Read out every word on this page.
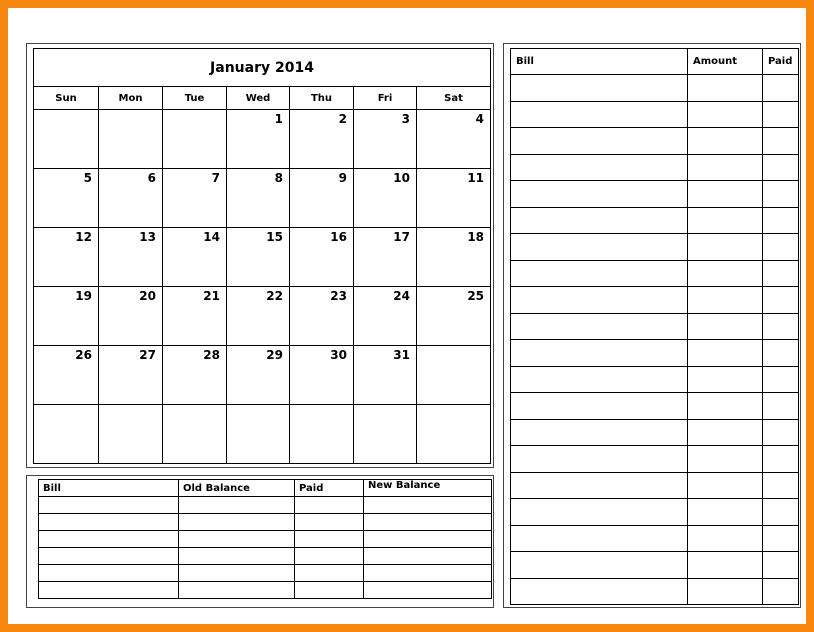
January 2014						
Sun	Mon	Tue	Wed	Thu	Fri	Sat
			1	2	3	4
5	6	7	8	9	10	11
12	13	14	15	16	17	18
19	20	21	22	23	24	25
26	27	28	29	30	31	

Bill	Old Balance	Paid	New Balance

Bill	Amount	Paid
